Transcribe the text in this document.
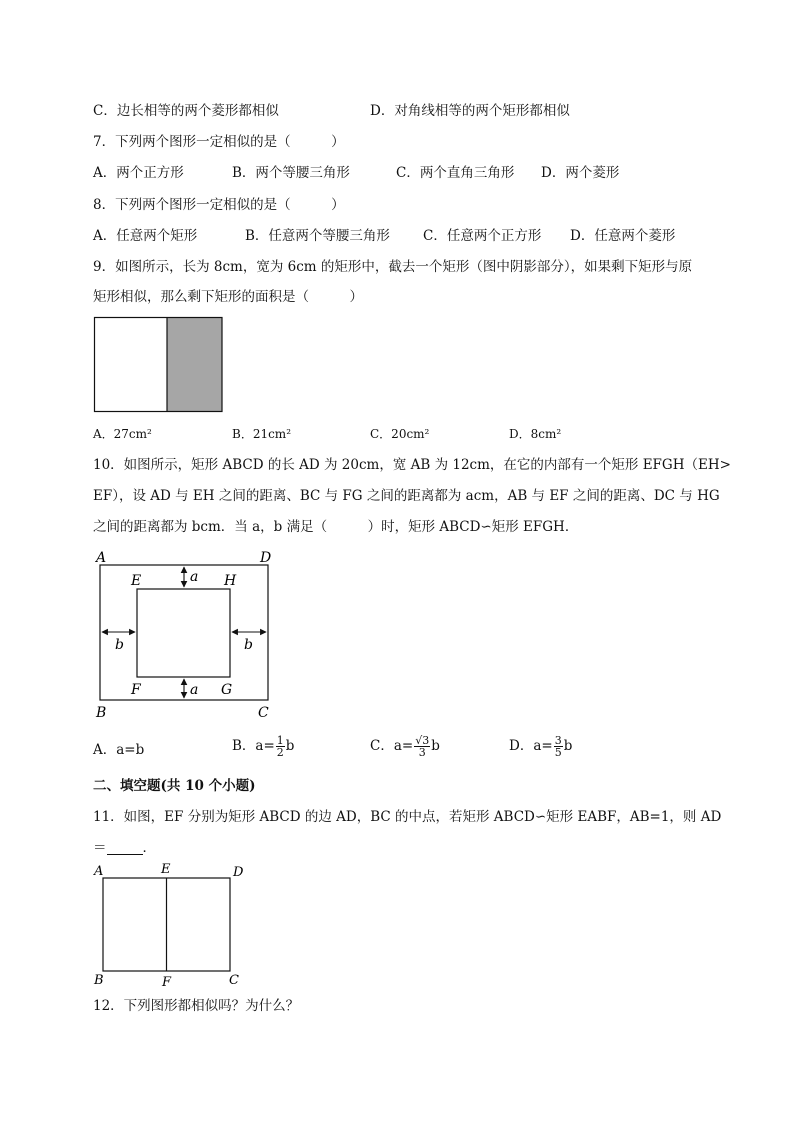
C．边长相等的两个菱形都相似	D．对角线相等的两个矩形都相似
7．下列两个图形一定相似的是（　　　）
A．两个正方形	B．两个等腰三角形	C．两个直角三角形 D．两个菱形
8．下列两个图形一定相似的是（　　　）
A．任意两个矩形	B．任意两个等腰三角形 C．任意两个正方形 D．任意两个菱形
9．如图所示，长为 8cm，宽为 6cm 的矩形中，截去一个矩形（图中阴影部分），如果剩下矩形与原
矩形相似，那么剩下矩形的面积是（　　　）
A．27cm²	B．21cm²	C．20cm²	D．8cm²
10．如图所示，矩形 ABCD 的长 AD 为 20cm，宽 AB 为 12cm，在它的内部有一个矩形 EFGH（EH>
EF），设 AD 与 EH 之间的距离、BC 与 FG 之间的距离都为 acm，AB 与 EF 之间的距离、DC 与 HG
之间的距离都为 bcm．当 a，b 满足（　　　）时，矩形 ABCD∽矩形 EFGH．
A	D
B	C
E	H
F	G
a
a
b	b
A．a=b	B．$a= \frac{1}{2}$ b	C．$a= \frac{√3}{3}$ b	D．$a= \frac{3}{5}$ b
二、填空题(共 10 个小题)
11．如图，EF 分别为矩形 ABCD 的边 AD，BC 的中点，若矩形 ABCD∽矩形 EABF，AB=1，则 AD
＝	．
A	E	D
B	F	C
12．下列图形都相似吗？为什么？
